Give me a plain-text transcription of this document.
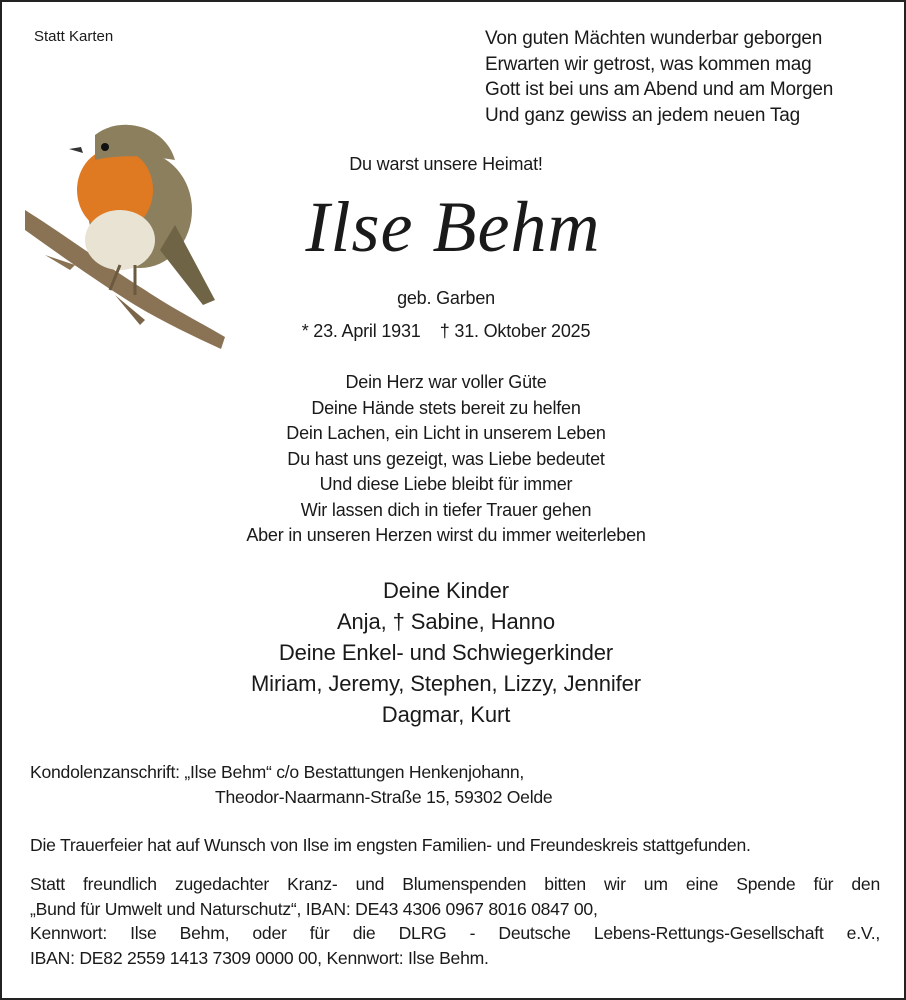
Statt Karten	Von guten Mächten wunderbar geborgen
Erwarten wir getrost, was kommen mag
Gott ist bei uns am Abend und am Morgen
Und ganz gewiss an jedem neuen Tag
Du warst unsere Heimat!
Ilse Behm
geb. Garben
* 23. April 1931 † 31. Oktober 2025
Dein Herz war voller Güte
Deine Hände stets bereit zu helfen
Dein Lachen, ein Licht in unserem Leben
Du hast uns gezeigt, was Liebe bedeutet
Und diese Liebe bleibt für immer
Wir lassen dich in tiefer Trauer gehen
Aber in unseren Herzen wirst du immer weiterleben
Deine Kinder
Anja, † Sabine, Hanno
Deine Enkel- und Schwiegerkinder
Miriam, Jeremy, Stephen, Lizzy, Jennifer
Dagmar, Kurt
Kondolenzanschrift: „Ilse Behm“ c/o Bestattungen Henkenjohann,
Theodor-Naarmann-Straße 15, 59302 Oelde
Die Trauerfeier hat auf Wunsch von Ilse im engsten Familien- und Freundeskreis stattgefunden.
Statt freundlich zugedachter Kranz- und Blumenspenden bitten wir um eine Spende für den
„Bund für Umwelt und Naturschutz“, IBAN: DE43 4306 0967 8016 0847 00,
Kennwort: Ilse Behm, oder für die DLRG - Deutsche Lebens-Rettungs-Gesellschaft e.V.,
IBAN: DE82 2559 1413 7309 0000 00, Kennwort: Ilse Behm.
